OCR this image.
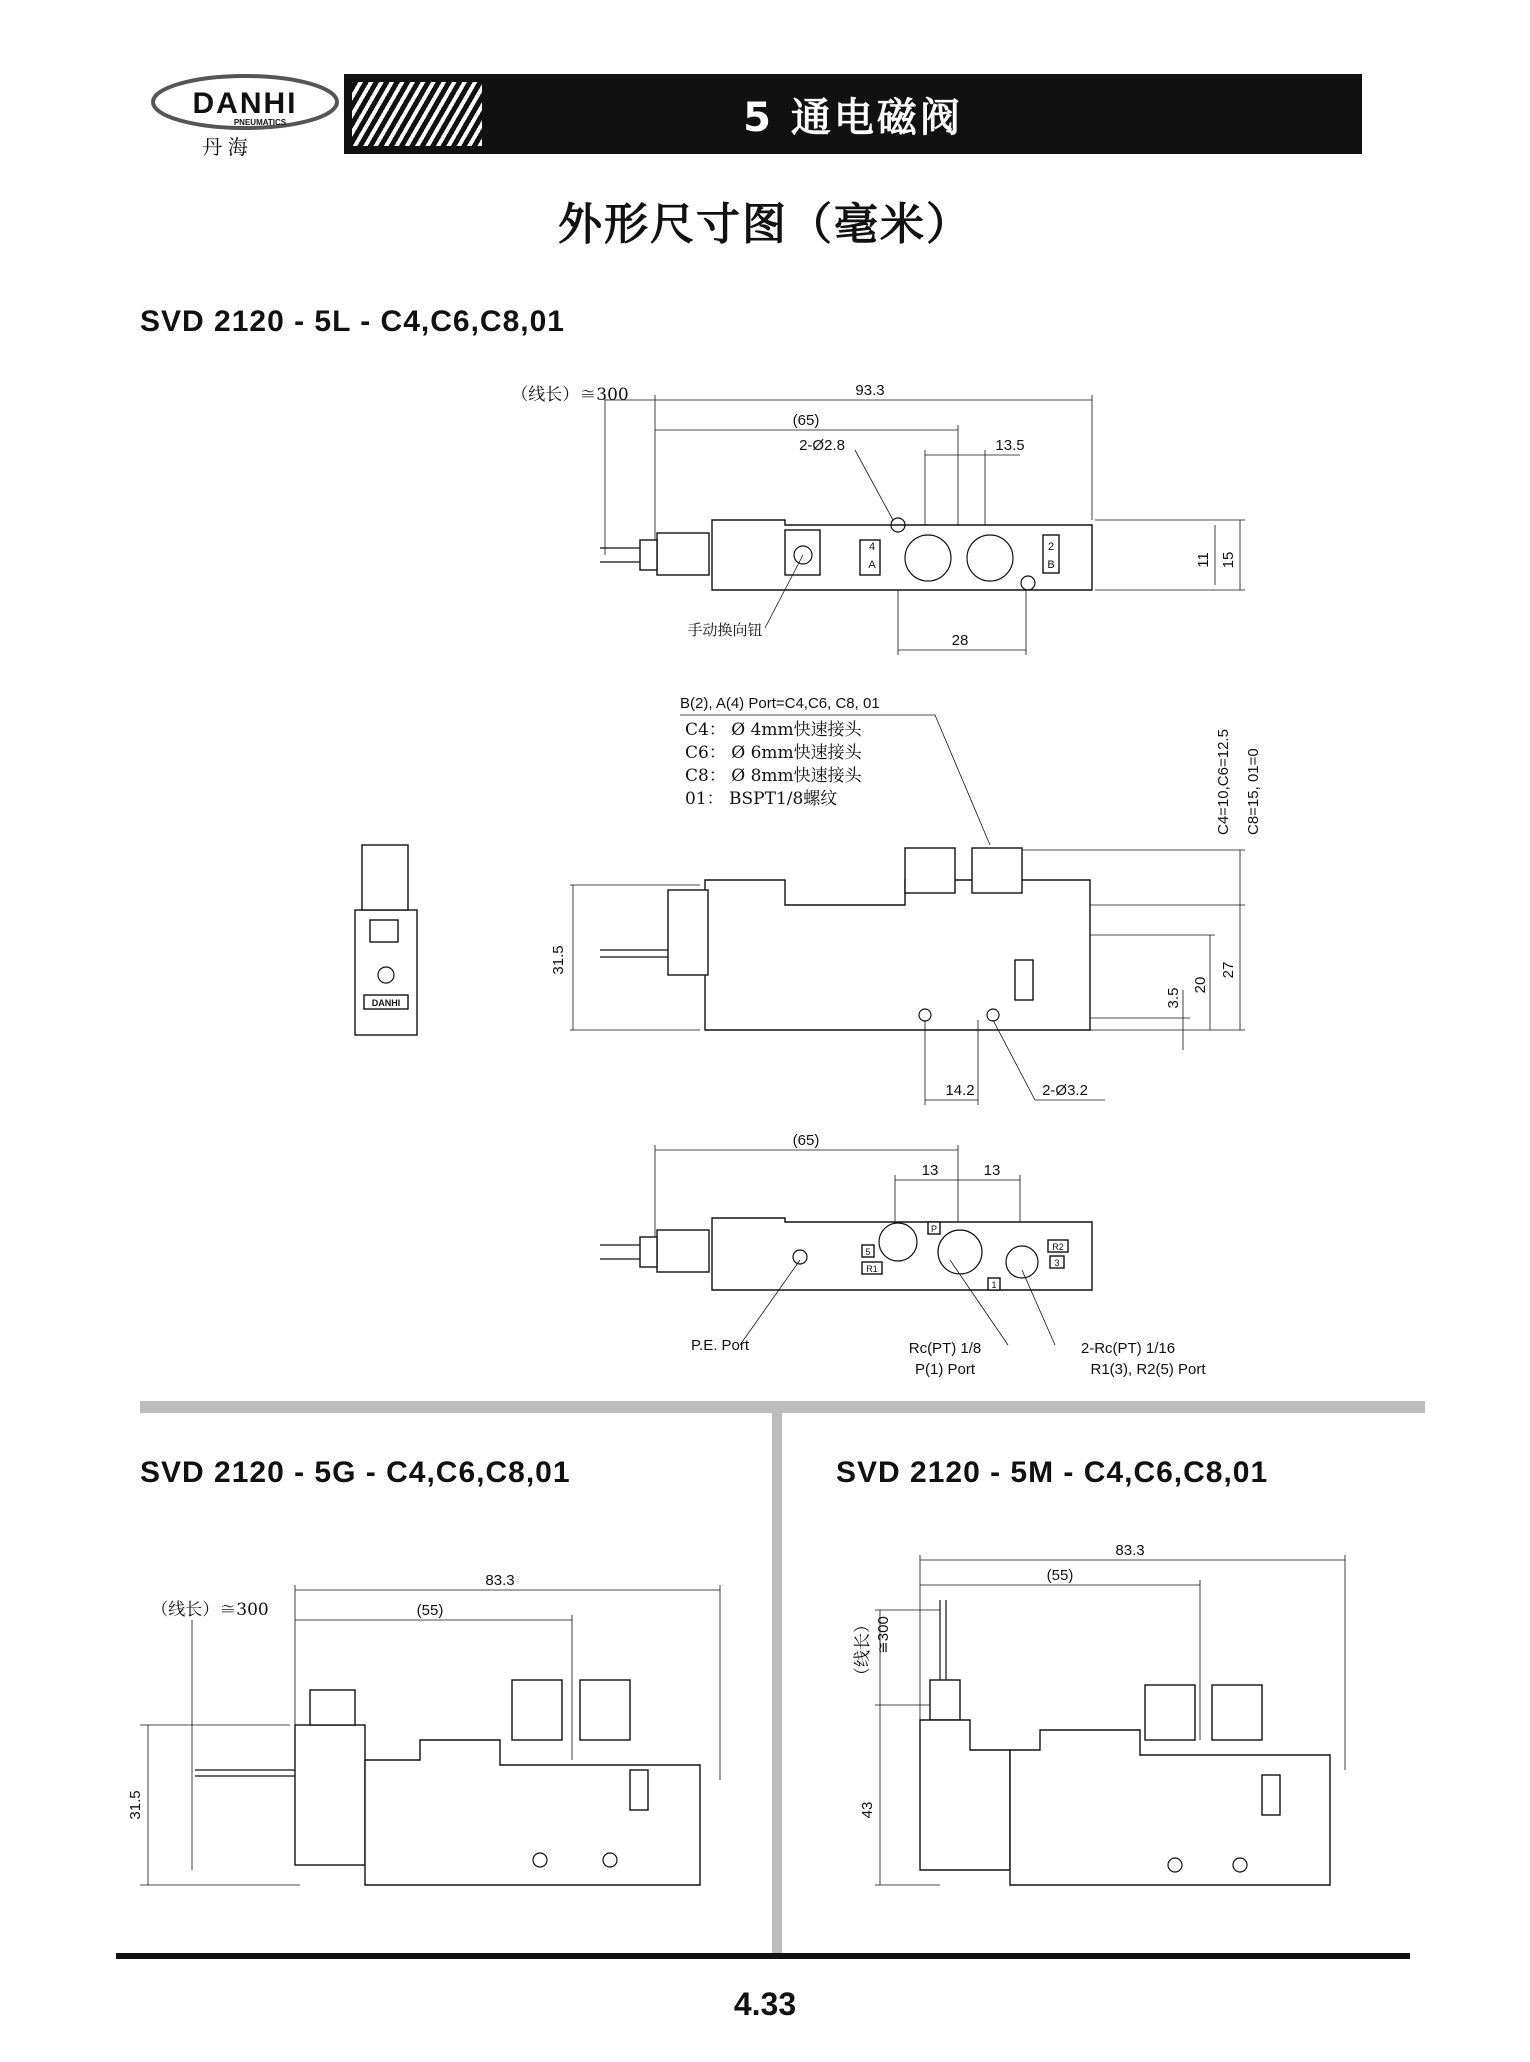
DANHI
PNEUMATICS
丹 海
5 通电磁阀
外形尺寸图（毫米）
SVD 2120 - 5L - C4,C6,C8,01
（线长）≅300	93.3
(65)
2-Ø2.8	13.5
11 15
28
4
A
2
B
手动换向钮
B(2), A(4) Port=C4,C6, C8, 01
C4： Ø 4mm快速接头
C6： Ø 6mm快速接头
C8： Ø 8mm快速接头
01： BSPT1/8螺纹	C4=10,C6=12.5 C8=15, 01=0
DANHI
31.5
3.5
20
27
14.2	2-Ø3.2
(65)
13	13
5
R1
P
1
R2
3
P.E. Port	Rc(PT) 1/8
P(1) Port
2-Rc(PT) 1/16
R1(3), R2(5) Port
SVD 2120 - 5G - C4,C6,C8,01
（线长）≅300
83.3
(55)
31.5
SVD 2120 - 5M - C4,C6,C8,01
83.3
(55)
（线长） ≅300
43
4.33
